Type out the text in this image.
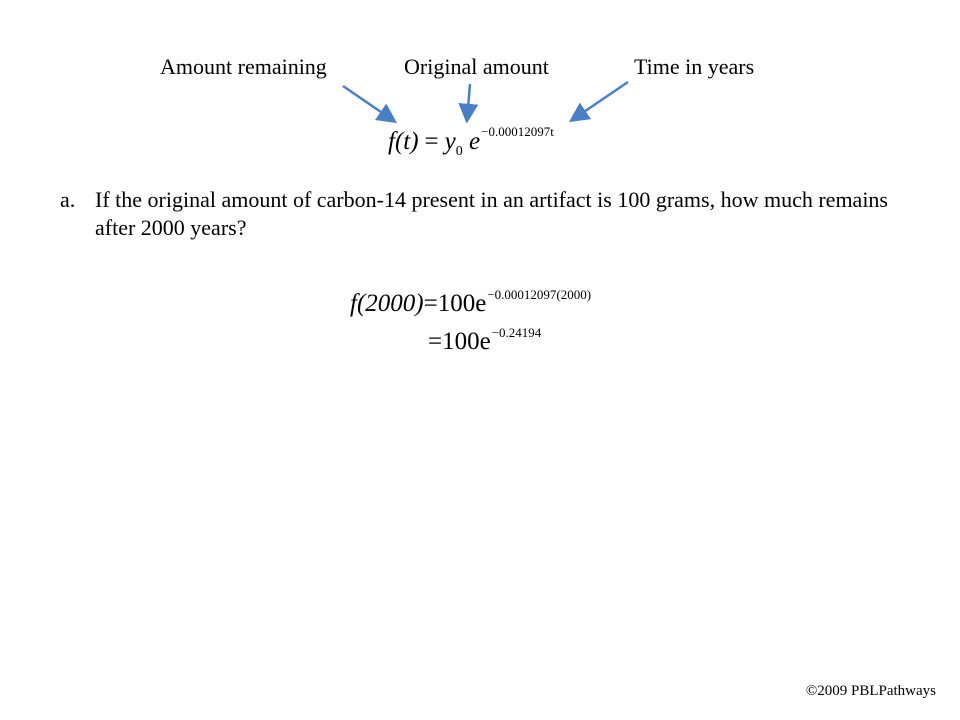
Amount remaining	Original amount	Time in years
$f(t) = y_0$ $e^{-0.00012097t}$
a. If the original amount of carbon-14 present in an artifact is 100 grams, how much remains after 2000 years?
$f(2000)=100e^{-0.00012097(2000)}$
$=100e^{-0.24194}$
©2009 PBLPathways
